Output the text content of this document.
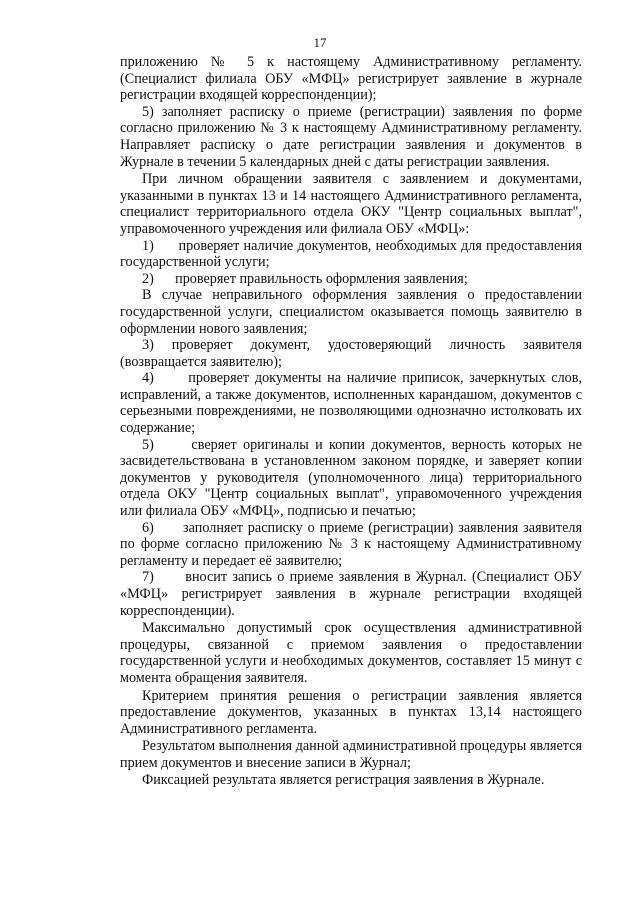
17

приложению № 5 к настоящему Административному регламенту. (Специалист филиала ОБУ «МФЦ» регистрирует заявление в журнале регистрации входящей корреспонденции);

5) заполняет расписку о приеме (регистрации) заявления по форме согласно приложению № 3 к настоящему Административному регламенту. Направляет расписку о дате регистрации заявления и документов в Журнале в течении 5 календарных дней с даты регистрации заявления.

При личном обращении заявителя с заявлением и документами, указанными в пунктах 13 и 14 настоящего Административного регламента, специалист территориального отдела ОКУ "Центр социальных выплат", управомоченного учреждения или филиала ОБУ «МФЦ»:

1)      проверяет наличие документов, необходимых для предоставления государственной услуги;

2)      проверяет правильность оформления заявления;

В случае неправильного оформления заявления о предоставлении государственной услуги, специалистом оказывается помощь заявителю в оформлении нового заявления;

3) проверяет документ, удостоверяющий личность заявителя (возвращается заявителю);

4)      проверяет документы на наличие приписок, зачеркнутых слов, исправлений, а также документов, исполненных карандашом, документов с серьезными повреждениями, не позволяющими однозначно истолковать их содержание;

5)      сверяет оригиналы и копии документов, верность которых не засвидетельствована в установленном законом порядке, и заверяет копии документов у руководителя (уполномоченного лица) территориального отдела ОКУ "Центр социальных выплат", управомоченного учреждения или филиала ОБУ «МФЦ», подписью и печатью;

6)      заполняет расписку о приеме (регистрации) заявления заявителя по форме согласно приложению № 3 к настоящему Административному регламенту и передает её заявителю;

7)      вносит запись о приеме заявления в Журнал. (Специалист ОБУ «МФЦ» регистрирует заявления в журнале регистрации входящей корреспонденции).

Максимально допустимый срок осуществления административной процедуры, связанной с приемом заявления о предоставлении государственной услуги и необходимых документов, составляет 15 минут с момента обращения заявителя.

Критерием принятия решения о регистрации заявления является предоставление документов, указанных в пунктах 13,14 настоящего Административного регламента.

Результатом выполнения данной административной процедуры является прием документов и внесение записи в Журнал;

Фиксацией результата является регистрация заявления в Журнале.
